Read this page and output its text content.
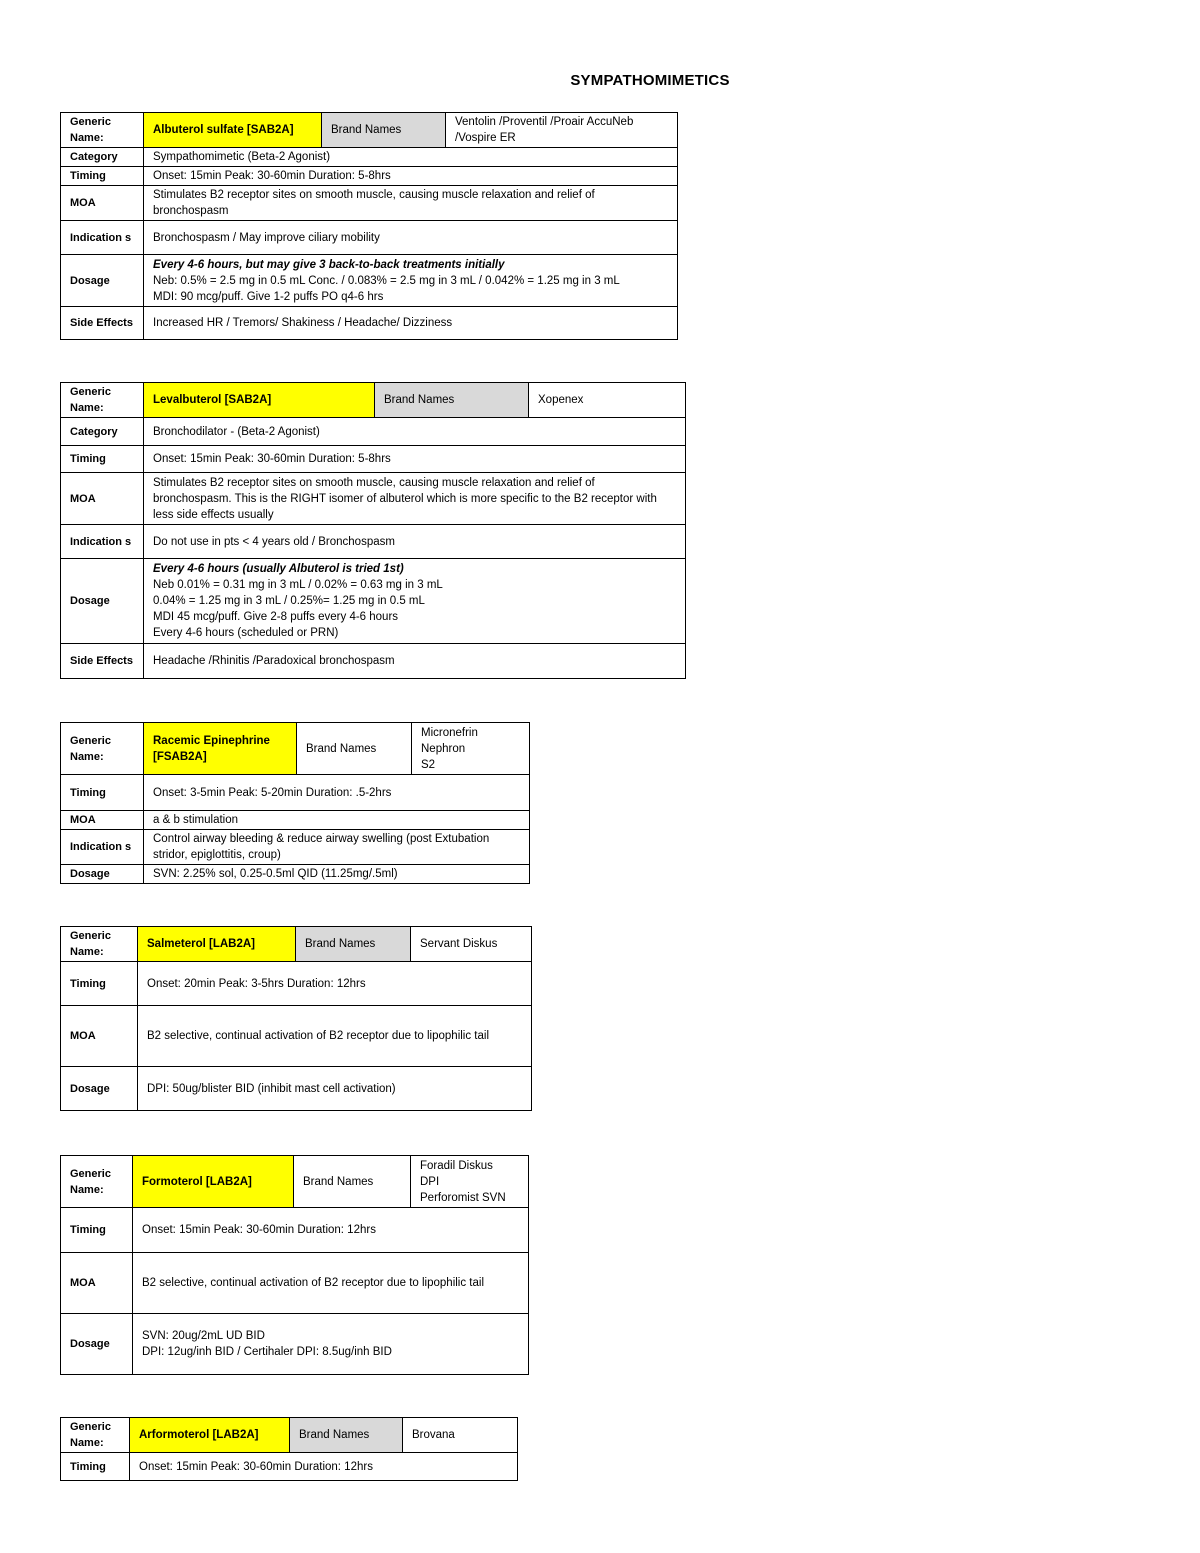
SYMPATHOMIMETICS
Generic Name:	Albuterol sulfate [SAB2A]	Brand Names	Ventolin /Proventil /Proair AccuNeb /Vospire ER
Category	Sympathomimetic (Beta-2 Agonist)		
Timing	Onset: 15min Peak: 30-60min Duration: 5-8hrs		
MOA	Stimulates B2 receptor sites on smooth muscle, causing muscle relaxation and relief of bronchospasm		
Indication s	Bronchospasm / May improve ciliary mobility		
Dosage	Every 4-6 hours, but may give 3 back-to-back treatments initially
Neb: 0.5% = 2.5 mg in 0.5 mL Conc. / 0.083% = 2.5 mg in 3 mL / 0.042% = 1.25 mg in 3 mL
MDI: 90 mcg/puff. Give 1-2 puffs PO q4-6 hrs		

Side Effects	Increased HR / Tremors/ Shakiness / Headache/ Dizziness		
Generic Name:	Levalbuterol [SAB2A]	Brand Names	Xopenex
Category	Bronchodilator - (Beta-2 Agonist)		
Timing	Onset: 15min Peak: 30-60min Duration: 5-8hrs		
MOA	Stimulates B2 receptor sites on smooth muscle, causing muscle relaxation and relief of bronchospasm. This is the RIGHT isomer of albuterol which is more specific to the B2 receptor with less side effects usually		
Indication s	Do not use in pts < 4 years old / Bronchospasm		
Dosage	Every 4-6 hours (usually Albuterol is tried 1st)
Neb 0.01% = 0.31 mg in 3 mL / 0.02% = 0.63 mg in 3 mL
0.04% = 1.25 mg in 3 mL / 0.25%= 1.25 mg in 0.5 mL
MDI 45 mcg/puff. Give 2-8 puffs every 4-6 hours
Every 4-6 hours (scheduled or PRN)		

Side Effects	Headache /Rhinitis /Paradoxical bronchospasm		
Generic Name:	Racemic Epinephrine [FSAB2A]	Brand Names	Micronefrin
Nephron
S2

Timing	Onset: 3-5min Peak: 5-20min Duration: .5-2hrs		
MOA	a & b stimulation		
Indication s	Control airway bleeding & reduce airway swelling (post Extubation stridor, epiglottitis, croup)		
Dosage	SVN: 2.25% sol, 0.25-0.5ml QID (11.25mg/.5ml)		
Generic Name:	Salmeterol [LAB2A]	Brand Names	Servant Diskus
Timing	Onset: 20min Peak: 3-5hrs Duration: 12hrs		
MOA	B2 selective, continual activation of B2 receptor due to lipophilic tail		
Dosage	DPI: 50ug/blister BID (inhibit mast cell activation)		
Generic Name:	Formoterol [LAB2A]	Brand Names	Foradil Diskus
DPI
Perforomist SVN

Timing	Onset: 15min Peak: 30-60min Duration: 12hrs		
MOA	B2 selective, continual activation of B2 receptor due to lipophilic tail		
Dosage	SVN: 20ug/2mL UD BID
DPI: 12ug/inh BID / Certihaler DPI: 8.5ug/inh BID		
Generic Name:	Arformoterol [LAB2A]	Brand Names	Brovana
Timing	Onset: 15min Peak: 30-60min Duration: 12hrs		
